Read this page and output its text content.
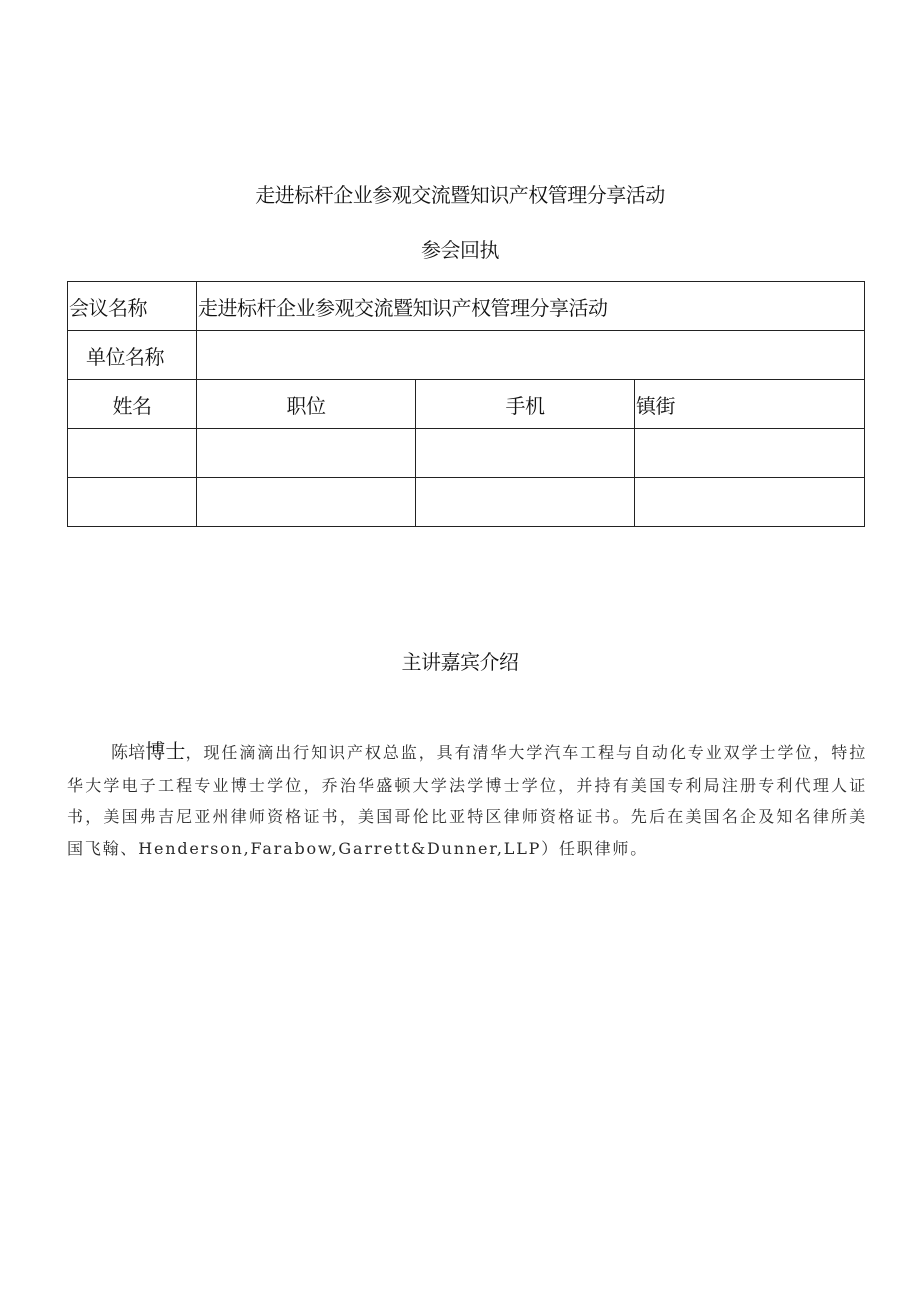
走进标杆企业参观交流暨知识产权管理分享活动
参会回执
会议名称	走进标杆企业参观交流暨知识产权管理分享活动		
单位名称			
姓名	职位	手机	镇街

主讲嘉宾介绍
陈培博士，现任滴滴出行知识产权总监，具有清华大学汽车工程与自动化专业双学士学位，特拉华大学电子工程专业博士学位，乔治华盛顿大学法学博士学位，并持有美国专利局注册专利代理人证书，美国弗吉尼亚州律师资格证书，美国哥伦比亚特区律师资格证书。先后在美国名企及知名律所美国飞翰、Henderson,Farabow,Garrett&Dunner,LLP）任职律师。
